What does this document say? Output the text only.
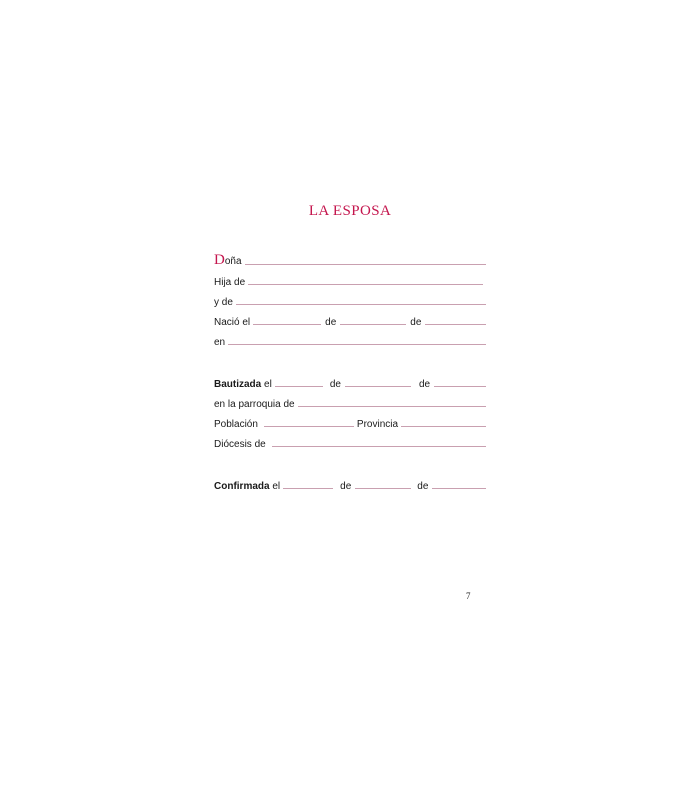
LA ESPOSA
Doña
Hija de
y de
Nació el	de	de
en
Bautizada el	de	de
en la parroquia de
Población	Provincia
Diócesis de
Confirmada el	de	de
7
